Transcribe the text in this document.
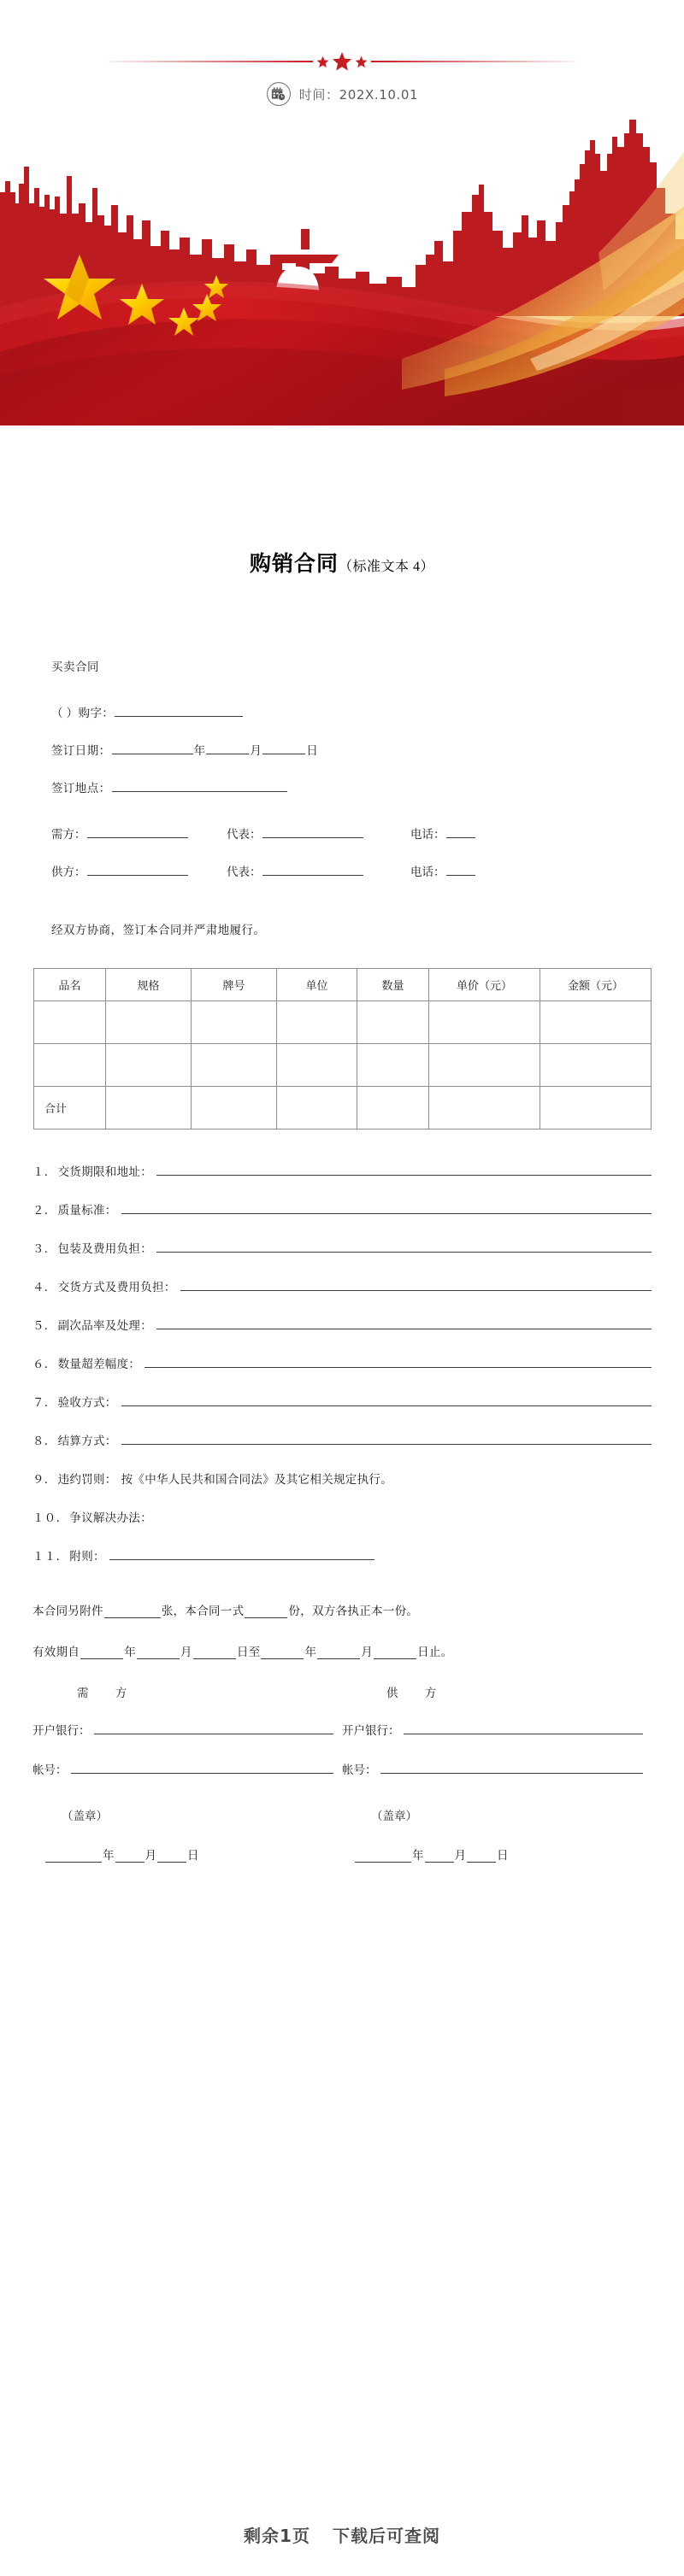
时间：202X.10.01
购销合同（标准文本 4）
买卖合同
（ ）购字：
签订日期：	年	月	日
签订地点：
需方：	代表：	电话：
供方：	代表：	电话：
经双方协商，签订本合同并严肃地履行。
品名	规格	牌号	单位	数量	单价（元）	金额（元）

合计						
１． 交货期限和地址：
２． 质量标准：
３． 包装及费用负担：
４． 交货方式及费用负担：
５． 副次品率及处理：
６． 数量超差幅度：
７． 验收方式：
８． 结算方式：
９． 违约罚则： 按《中华人民共和国合同法》及其它相关规定执行。
１０． 争议解决办法：
１１． 附则：
本合同另附件	张，本合同一式	份，双方各执正本一份。
有效期自	年	月	日至	年	月	日止。
需 方	供 方
开户银行：	开户银行：
帐号：	帐号：
（盖章）	（盖章）
年	月	日	年	月	日
剩余1页 下载后可查阅
